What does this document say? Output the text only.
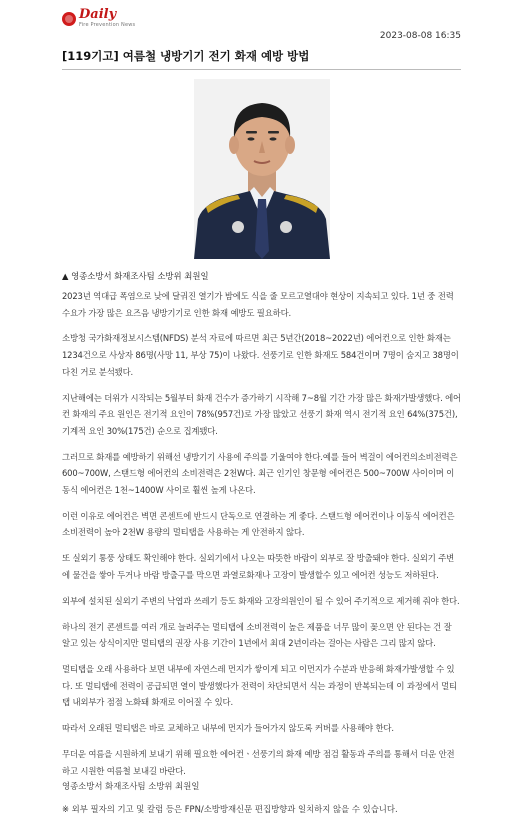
Daily
Fire Prevention News
2023-08-08 16:35
[119기고] 여름철 냉방기기 전기 화재 예방 방법
▲ 영종소방서 화재조사팀 소방위 최원일

2023년 역대급 폭염으로 낮에 달궈진 열기가 밤에도 식을 줄 모르고열대야 현상이 지속되고 있다. 1년 중 전력 수요가 가장 많은 요즈음 냉방기기로 인한 화재 예방도 필요하다.

소방청 국가화재정보시스템(NFDS) 분석 자료에 따르면 최근 5년간(2018~2022년) 에어컨으로 인한 화재는 1234건으로 사상자 86명(사망 11, 부상 75)이 나왔다. 선풍기로 인한 화재도 584건이며 7명이 숨지고 38명이 다친 거로 분석됐다.

지난해에는 더위가 시작되는 5월부터 화재 건수가 증가하기 시작해 7~8월 기간 가장 많은 화재가발생했다. 에어컨 화재의 주요 원인은 전기적 요인이 78%(957건)로 가장 많았고 선풍기 화재 역시 전기적 요인 64%(375건), 기계적 요인 30%(175건) 순으로 집계됐다.

그러므로 화재를 예방하기 위해선 냉방기기 사용에 주의를 기울여야 한다.예를 들어 벽걸이 에어컨의소비전력은 600~700W, 스탠드형 에어컨의 소비전력은 2천W다. 최근 인기인 창문형 에어컨은 500~700W 사이이며 이동식 에어컨은 1천~1400W 사이로 훨씬 높게 나온다.

이런 이유로 에어컨은 벽면 콘센트에 반드시 단독으로 연결하는 게 좋다. 스탠드형 에어컨이나 이동식 에어컨은 소비전력이 높아 2천W 용량의 멀티탭을 사용하는 게 안전하지 않다.

또 실외기 통풍 상태도 확인해야 한다. 실외기에서 나오는 따뜻한 바람이 외부로 잘 방출돼야 한다. 실외기 주변에 물건을 쌓아 두거나 바람 방출구를 막으면 과열로화재나 고장이 발생할수 있고 에어컨 성능도 저하된다.

외부에 설치된 실외기 주변의 낙엽과 쓰레기 등도 화재와 고장의원인이 될 수 있어 주기적으로 제거해 줘야 한다.

하나의 전기 콘센트를 여러 개로 늘려주는 멀티탭에 소비전력이 높은 제품을 너무 많이 꽂으면 안 된다는 건 잘 알고 있는 상식이지만 멀티탭의 권장 사용 기간이 1년에서 최대 2년이라는 걸아는 사람은 그리 많지 않다.

멀티탭을 오래 사용하다 보면 내부에 자연스레 먼지가 쌓이게 되고 이먼지가 수분과 반응해 화재가발생할 수 있다. 또 멀티탭에 전력이 공급되면 열이 발생했다가 전력이 차단되면서 식는 과정이 반복되는데 이 과정에서 멀티탭 내외부가 점점 노화돼 화재로 이어질 수 있다.

따라서 오래된 멀티탭은 바로 교체하고 내부에 먼지가 들어가지 않도록 커버를 사용해야 한다.

무더운 여름을 시원하게 보내기 위해 필요한 에어컨ㆍ선풍기의 화재 예방 점검 활동과 주의를 통해서 더운 안전하고 시원한 여름철 보내길 바란다.

영종소방서 화재조사팀 소방위 최원일
※ 외부 필자의 기고 및 칼럼 등은 FPN/소방방재신문 편집방향과 일치하지 않을 수 있습니다.
